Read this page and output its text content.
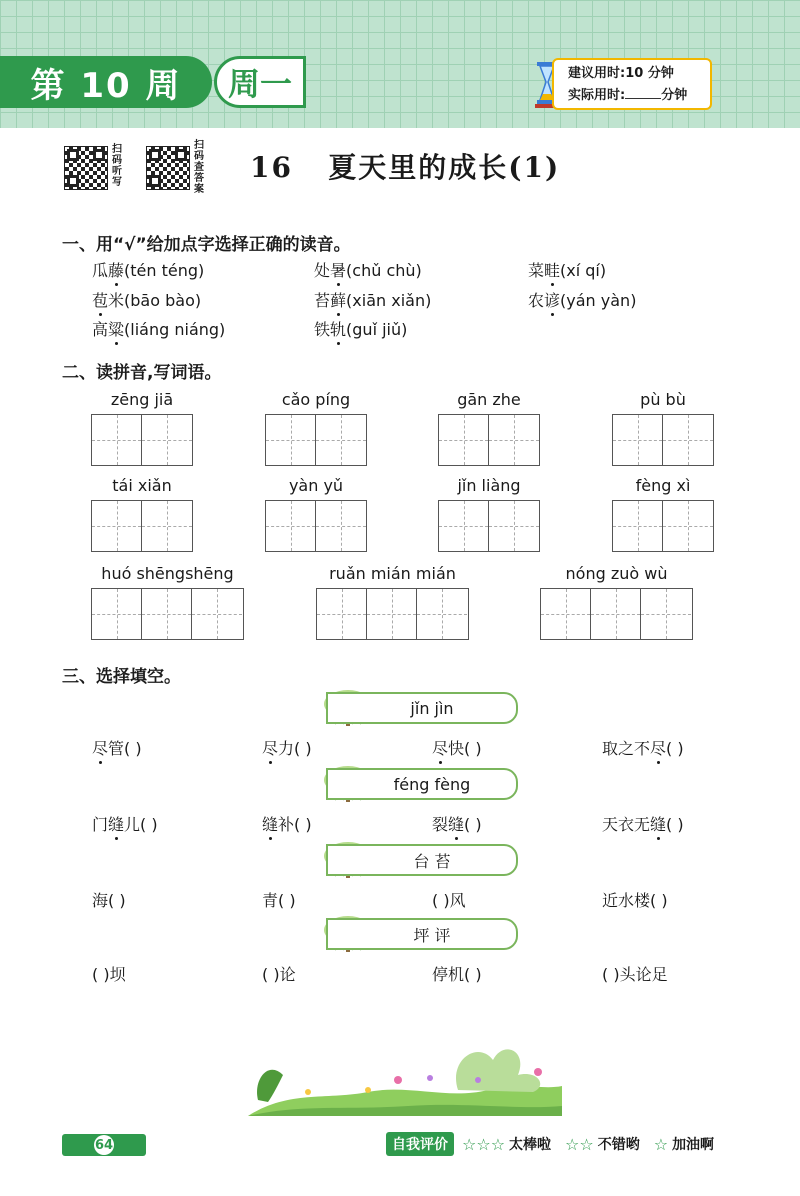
第 10 周	周一	建议用时:10 分钟
实际用时:	分钟
扫码听写
扫码查答案
16 夏天里的成长(1)
一、用“√”给加点字选择正确的读音。
瓜藤(tén téng)	处暑(chǔ chù)	菜畦(xí qí)
苞米(bāo bào)	苔藓(xiān xiǎn)	农谚(yán yàn)
高粱(liáng niáng)	铁轨(guǐ jiǔ)
二、读拼音,写词语。
zēng jiā	cǎo píng	gān zhe	pù bù
tái xiǎn	yàn yǔ	jǐn liàng	fèng xì
huó shēngshēng	ruǎn mián mián	nóng zuò wù
三、选择填空。
jǐn jìn
尽管( )	尽力( )	尽快( )	取之不尽( )
féng fèng
门缝儿( )	缝补( )	裂缝( )	天衣无缝( )
台 苔
海( )	青( )	( )风	近水楼( )
坪 评
( )坝	( )论	停机( )	( )头论足
64	自我评价 ☆☆☆ 太棒啦 ☆☆ 不错哟 ☆ 加油啊
